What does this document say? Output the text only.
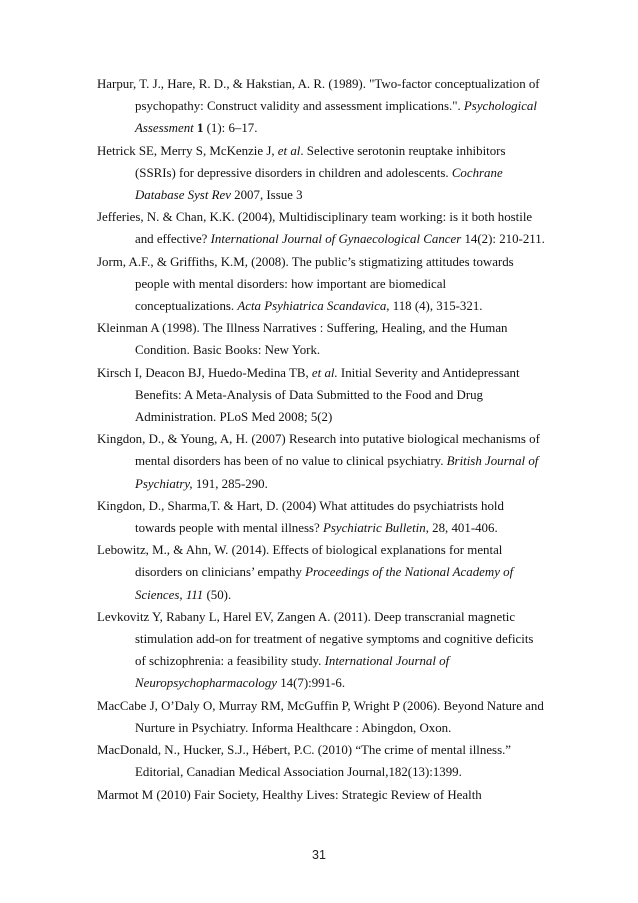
Harpur, T. J., Hare, R. D., & Hakstian, A. R. (1989). "Two-factor conceptualization of psychopathy: Construct validity and assessment implications.". Psychological Assessment 1 (1): 6–17.

Hetrick SE, Merry S, McKenzie J, et al. Selective serotonin reuptake inhibitors (SSRIs) for depressive disorders in children and adolescents. Cochrane Database Syst Rev 2007, Issue 3

Jefferies, N. & Chan, K.K. (2004), Multidisciplinary team working: is it both hostile and effective? International Journal of Gynaecological Cancer 14(2): 210-211.

Jorm, A.F., & Griffiths, K.M, (2008). The public’s stigmatizing attitudes towards people with mental disorders: how important are biomedical conceptualizations. Acta Psyhiatrica Scandavica, 118 (4), 315-321.

Kleinman A (1998). The Illness Narratives : Suffering, Healing, and the Human Condition. Basic Books: New York.

Kirsch I, Deacon BJ, Huedo-Medina TB, et al. Initial Severity and Antidepressant Benefits: A Meta-Analysis of Data Submitted to the Food and Drug Administration. PLoS Med 2008; 5(2)

Kingdon, D., & Young, A, H. (2007) Research into putative biological mechanisms of mental disorders has been of no value to clinical psychiatry. British Journal of Psychiatry, 191, 285-290.

Kingdon, D., Sharma,T. & Hart, D. (2004) What attitudes do psychiatrists hold towards people with mental illness? Psychiatric Bulletin, 28, 401-406.

Lebowitz, M., & Ahn, W. (2014). Effects of biological explanations for mental disorders on clinicians’ empathy Proceedings of the National Academy of Sciences, 111 (50).

Levkovitz Y, Rabany L, Harel EV, Zangen A. (2011). Deep transcranial magnetic stimulation add-on for treatment of negative symptoms and cognitive deficits of schizophrenia: a feasibility study. International Journal of Neuropsychopharmacology 14(7):991-6.

MacCabe J, O’Daly O, Murray RM, McGuffin P, Wright P (2006). Beyond Nature and Nurture in Psychiatry. Informa Healthcare : Abingdon, Oxon.

MacDonald, N., Hucker, S.J., Hébert, P.C. (2010) “The crime of mental illness.” Editorial, Canadian Medical Association Journal,182(13):1399.

Marmot M (2010) Fair Society, Healthy Lives: Strategic Review of Health

31
